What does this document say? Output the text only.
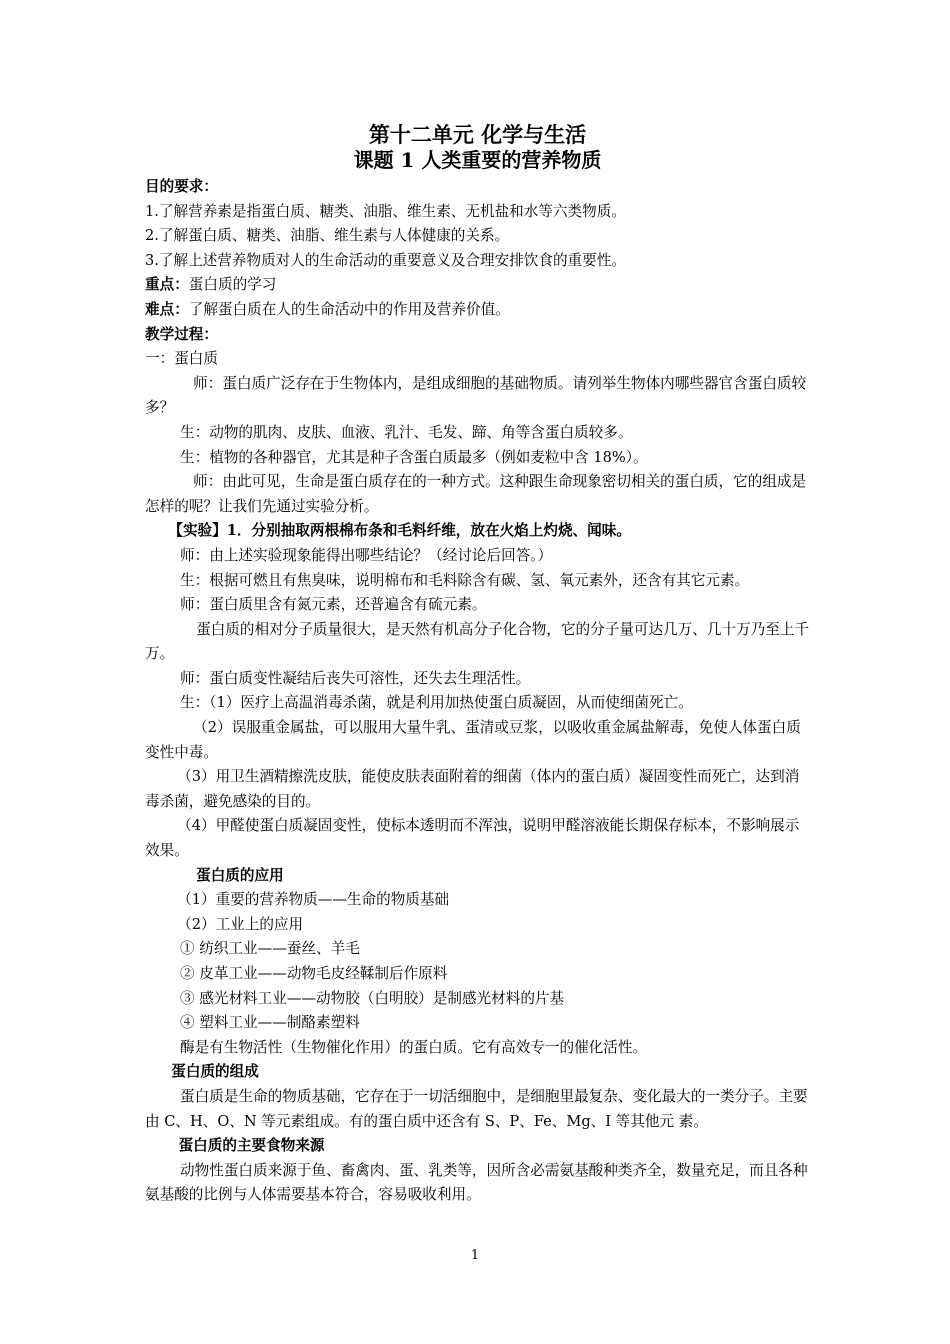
第十二单元 化学与生活

课题 1 人类重要的营养物质

目的要求：

1.了解营养素是指蛋白质、糖类、油脂、维生素、无机盐和水等六类物质。

2.了解蛋白质、糖类、油脂、维生素与人体健康的关系。

3.了解上述营养物质对人的生命活动的重要意义及合理安排饮食的重要性。

重点：蛋白质的学习

难点：了解蛋白质在人的生命活动中的作用及营养价值。

教学过程：

一：蛋白质

师：蛋白质广泛存在于生物体内，是组成细胞的基础物质。请列举生物体内哪些器官含蛋白质较多？

生：动物的肌肉、皮肤、血液、乳汁、毛发、蹄、角等含蛋白质较多。

生：植物的各种器官，尤其是种子含蛋白质最多（例如麦粒中含 18%）。

师：由此可见，生命是蛋白质存在的一种方式。这种跟生命现象密切相关的蛋白质，它的组成是怎样的呢？让我们先通过实验分析。

【实验】1．分别抽取两根棉布条和毛料纤维，放在火焰上灼烧、闻味。

师：由上述实验现象能得出哪些结论？（经讨论后回答。）

生：根据可燃且有焦臭味，说明棉布和毛料除含有碳、氢、氧元素外，还含有其它元素。

师：蛋白质里含有氮元素，还普遍含有硫元素。

蛋白质的相对分子质量很大，是天然有机高分子化合物，它的分子量可达几万、几十万乃至上千万。

师：蛋白质变性凝结后丧失可溶性，还失去生理活性。

生：（1）医疗上高温消毒杀菌，就是利用加热使蛋白质凝固，从而使细菌死亡。

（2）误服重金属盐，可以服用大量牛乳、蛋清或豆浆，以吸收重金属盐解毒，免使人体蛋白质变性中毒。

（3）用卫生酒精擦洗皮肤，能使皮肤表面附着的细菌（体内的蛋白质）凝固变性而死亡，达到消毒杀菌，避免感染的目的。

（4）甲醛使蛋白质凝固变性，使标本透明而不浑浊，说明甲醛溶液能长期保存标本，不影响展示效果。

蛋白质的应用

（1）重要的营养物质——生命的物质基础

（2）工业上的应用

① 纺织工业——蚕丝、羊毛

② 皮革工业——动物毛皮经鞣制后作原料

③ 感光材料工业——动物胶（白明胶）是制感光材料的片基

④ 塑料工业——制酪素塑料

酶是有生物活性（生物催化作用）的蛋白质。它有高效专一的催化活性。

蛋白质的组成

蛋白质是生命的物质基础，它存在于一切活细胞中，是细胞里最复杂、变化最大的一类分子。主要由 C、H、O、N 等元素组成。有的蛋白质中还含有 S、P、Fe、Mg、I 等其他元 素。

蛋白质的主要食物来源

动物性蛋白质来源于鱼、畜禽肉、蛋、乳类等，因所含必需氨基酸种类齐全，数量充足，而且各种氨基酸的比例与人体需要基本符合，容易吸收利用。

1
